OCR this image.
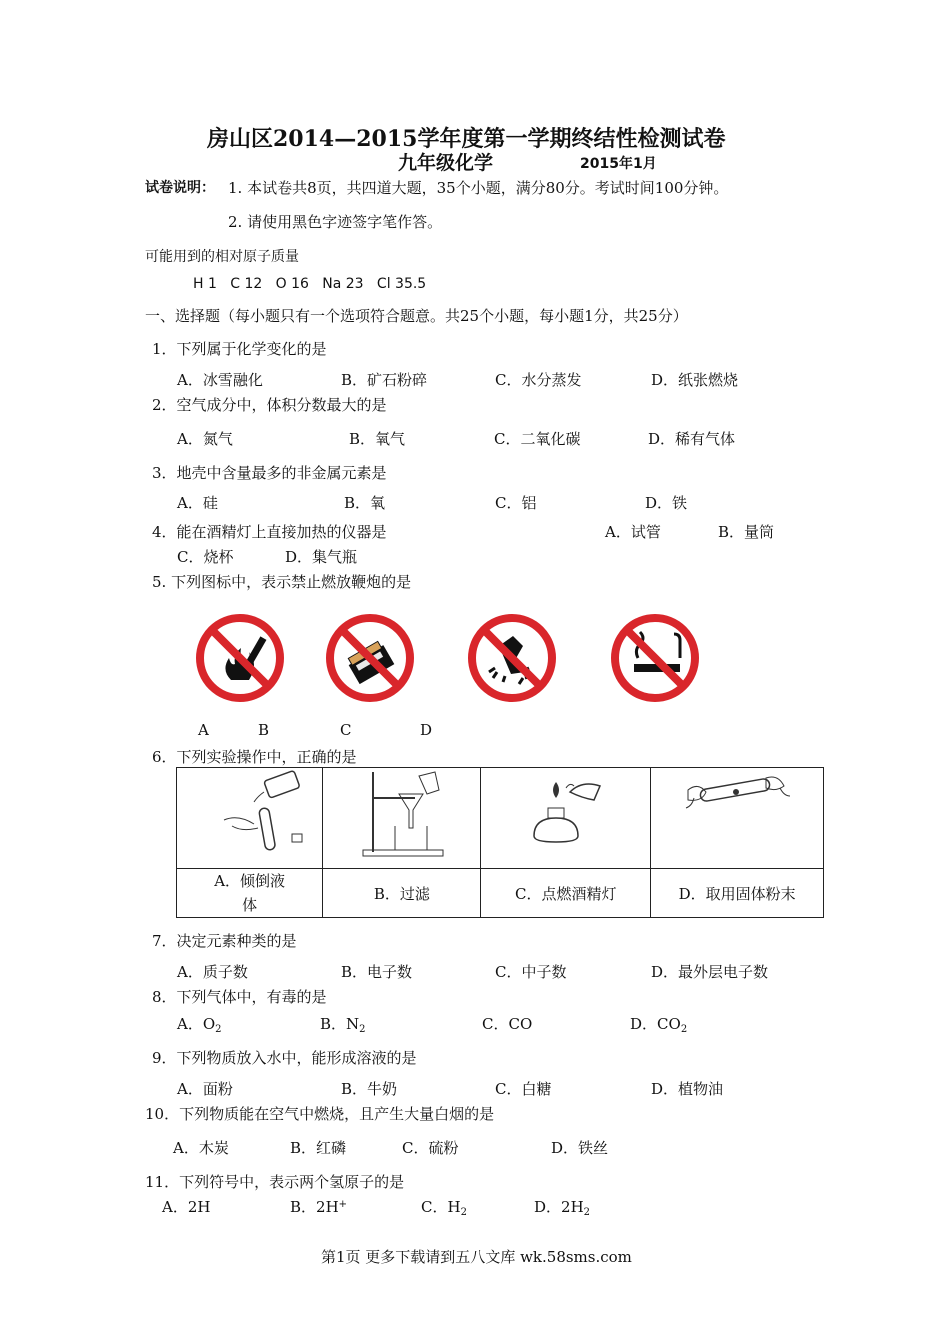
房山区2014—2015学年度第一学期终结性检测试卷
九年级化学	2015年1月
试卷说明： 1. 本试卷共8页，共四道大题，35个小题，满分80分。考试时间100分钟。
2. 请使用黑色字迹签字笔作答。
可能用到的相对原子质量
H 1   C 12   O 16   Na 23   Cl 35.5
一、选择题（每小题只有一个选项符合题意。共25个小题，每小题1分，共25分）
1．下列属于化学变化的是
A．冰雪融化	B．矿石粉碎	C．水分蒸发	D．纸张燃烧
2．空气成分中，体积分数最大的是
A．氮气	B．氧气	C．二氧化碳	D．稀有气体
3．地壳中含量最多的非金属元素是
A．硅	B．氧	C．铝	D．铁
4．能在酒精灯上直接加热的仪器是	A．试管	B．量筒
C．烧杯	D．集气瓶
5. 下列图标中，表示禁止燃放鞭炮的是
A	B	C	D
6．下列实验操作中，正确的是

A．倾倒液
体	B．过滤	C．点燃酒精灯	D．取用固体粉末
7．决定元素种类的是
A．质子数	B．电子数	C．中子数	D．最外层电子数
8．下列气体中，有毒的是
A．$O_2$	B．$N_2$	C．CO	D．$CO_2$
9．下列物质放入水中，能形成溶液的是
A．面粉	B．牛奶	C．白糖	D．植物油
10．下列物质能在空气中燃烧，且产生大量白烟的是
A．木炭	B．红磷	C．硫粉	D．铁丝
11．下列符号中，表示两个氢原子的是
A．2H	B．2H+	C．$H_2$	D．$2H_2$
第1页 更多下载请到五八文库 wk.58sms.com
